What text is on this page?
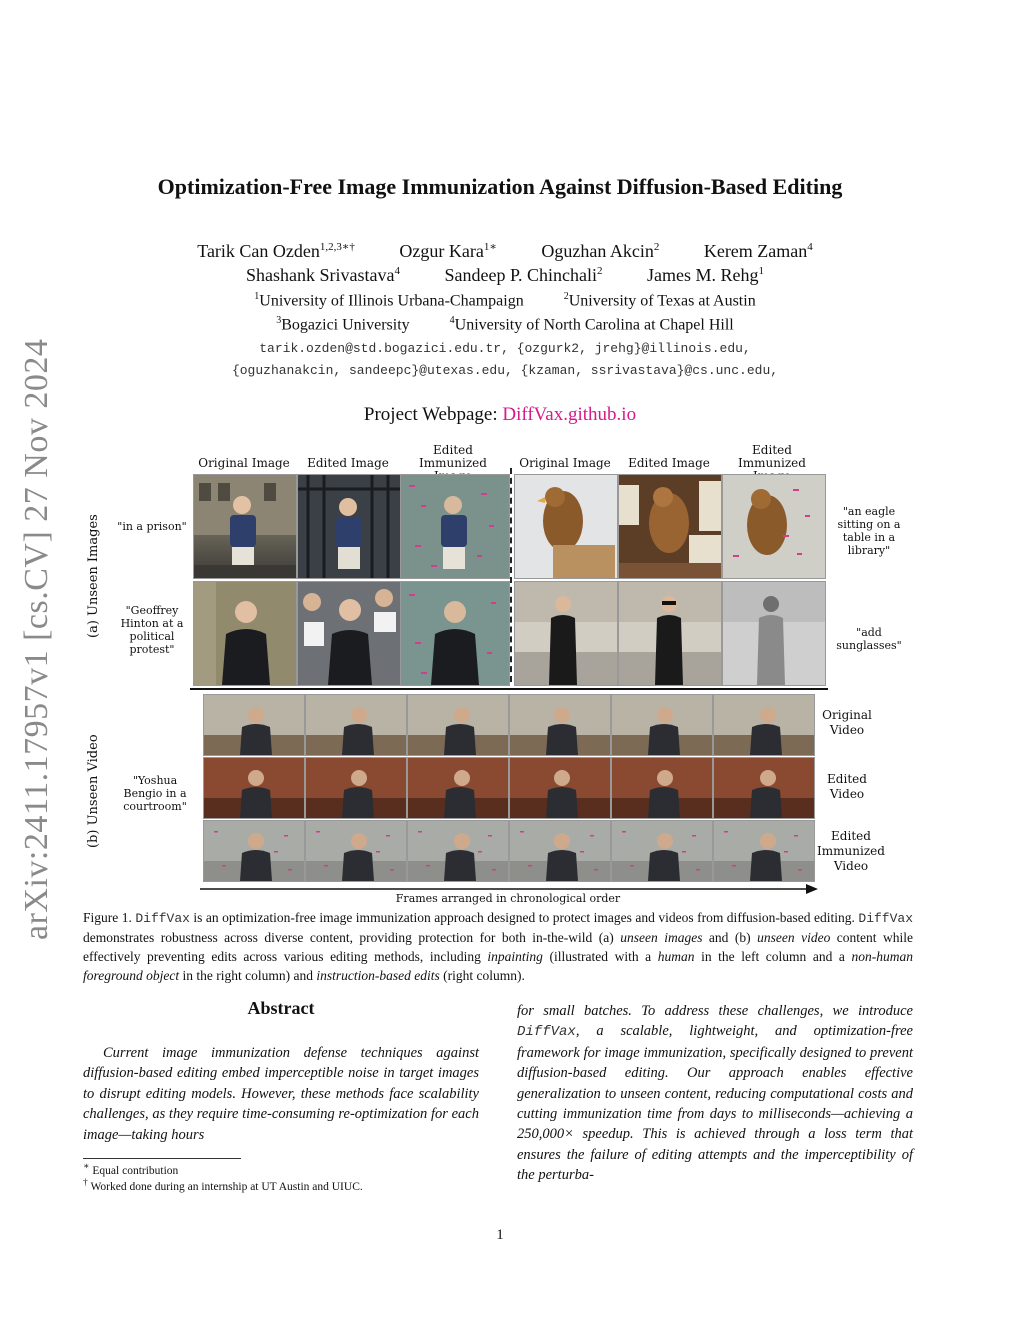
arXiv:2411.17957v1 [cs.CV] 27 Nov 2024
Optimization-Free Image Immunization Against Diffusion-Based Editing
Tarik Can Ozden$^{1,2,3∗\dagger}$ Ozgur Kara$^{1∗}$ Oguzhan Akcin$^2$ Kerem Zaman$^4$
Shashank Srivastava$^4$ Sandeep P. Chinchali$^2$ James M. Rehg$^1$
$^1$University of Illinois Urbana-Champaign	$^2$University of Texas at Austin
$^3$Bogazici University	$^4$University of North Carolina at Chapel Hill
tarik.ozden@std.bogazici.edu.tr, {ozgurk2, jrehg}@illinois.edu,
{oguzhanakcin, sandeepc}@utexas.edu, {kzaman, ssrivastava}@cs.unc.edu,
Project Webpage: DiffVax.github.io
Original Image	Edited Image
Edited Immunized	Original Image	Edited Image
Edited Immunized
(a) Unseen Images	"in a prison"
"an eagle sitting on a table in a library"
"Geoffrey Hinton at a political protest"
"add sunglasses"
(b) Unseen Video	"Yoshua Bengio in a courtroom"
Original Video
Edited Video
Edited Immunized Video
Frames arranged in chronological order
Figure 1. DiffVax is an optimization-free image immunization approach designed to protect images and videos from diffusion-based editing. DiffVax demonstrates robustness across diverse content, providing protection for both in-the-wild (a) unseen images and (b) unseen video content while effectively preventing edits across various editing methods, including inpainting (illustrated with a human in the left column and a non-human foreground object in the right column) and instruction-based edits (right column).
Abstract
Current image immunization defense techniques against diffusion-based editing embed imperceptible noise in target images to disrupt editing models. However, these methods face scalability challenges, as they require time-consuming re-optimization for each image—taking hours
for small batches. To address these challenges, we introduce DiffVax, a scalable, lightweight, and optimization-free framework for image immunization, specifically designed to prevent diffusion-based editing. Our approach enables effective generalization to unseen content, reducing computational costs and cutting immunization time from days to milliseconds—achieving a 250,000× speedup. This is achieved through a loss term that ensures the failure of editing attempts and the imperceptibility of the perturba-
∗ Equal contribution
† Worked done during an internship at UT Austin and UIUC.
1
